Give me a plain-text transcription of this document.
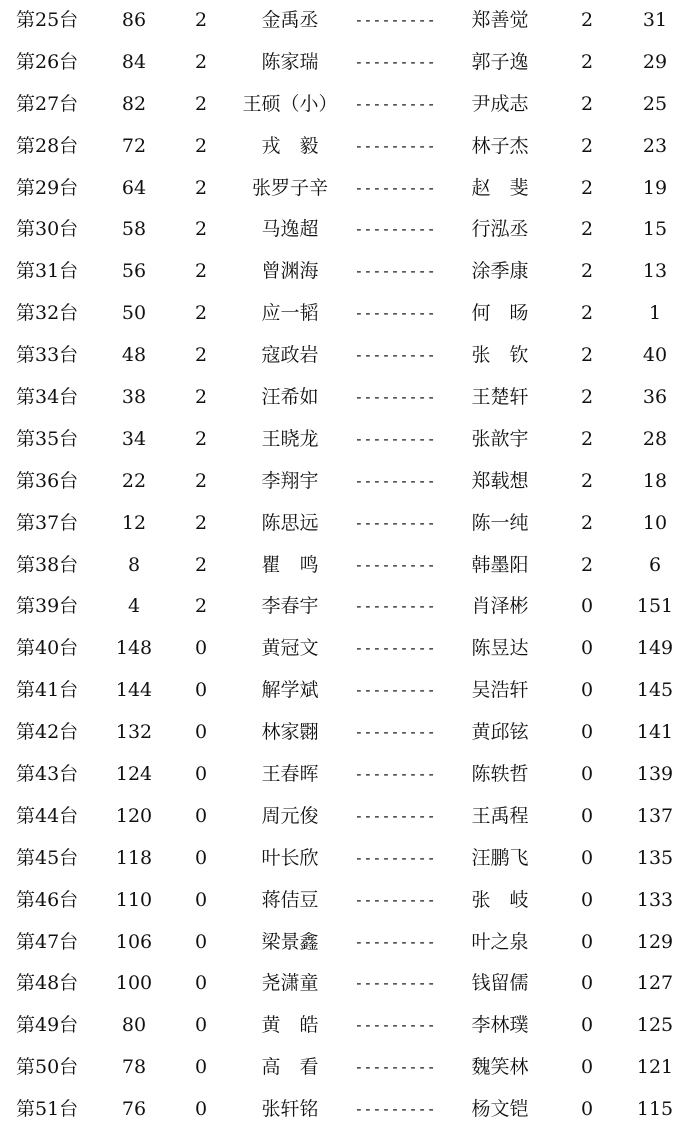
第25台	86	2	金禹丞	---------	郑善觉	2	31
第26台	84	2	陈家瑞	---------	郭子逸	2	29
第27台	82	2	王硕（小）	---------	尹成志	2	25
第28台	72	2	戎　毅	---------	林子杰	2	23
第29台	64	2	张罗子辛	---------	赵　斐	2	19
第30台	58	2	马逸超	---------	行泓丞	2	15
第31台	56	2	曾渊海	---------	涂季康	2	13
第32台	50	2	应一韬	---------	何　旸	2	1
第33台	48	2	寇政岩	---------	张　钦	2	40
第34台	38	2	汪希如	---------	王楚轩	2	36
第35台	34	2	王晓龙	---------	张歆宇	2	28
第36台	22	2	李翔宇	---------	郑载想	2	18
第37台	12	2	陈思远	---------	陈一纯	2	10
第38台	8	2	瞿　鸣	---------	韩墨阳	2	6
第39台	4	2	李春宇	---------	肖泽彬	0	151
第40台	148	0	黄冠文	---------	陈昱达	0	149
第41台	144	0	解学斌	---------	吴浩轩	0	145
第42台	132	0	林家翾	---------	黄邱铉	0	141
第43台	124	0	王春晖	---------	陈轶哲	0	139
第44台	120	0	周元俊	---------	王禹程	0	137
第45台	118	0	叶长欣	---------	汪鹏飞	0	135
第46台	110	0	蒋佶豆	---------	张　岐	0	133
第47台	106	0	梁景鑫	---------	叶之泉	0	129
第48台	100	0	尧潇童	---------	钱留儒	0	127
第49台	80	0	黄　皓	---------	李林璞	0	125
第50台	78	0	高　看	---------	魏笑林	0	121
第51台	76	0	张轩铭	---------	杨文铠	0	115
